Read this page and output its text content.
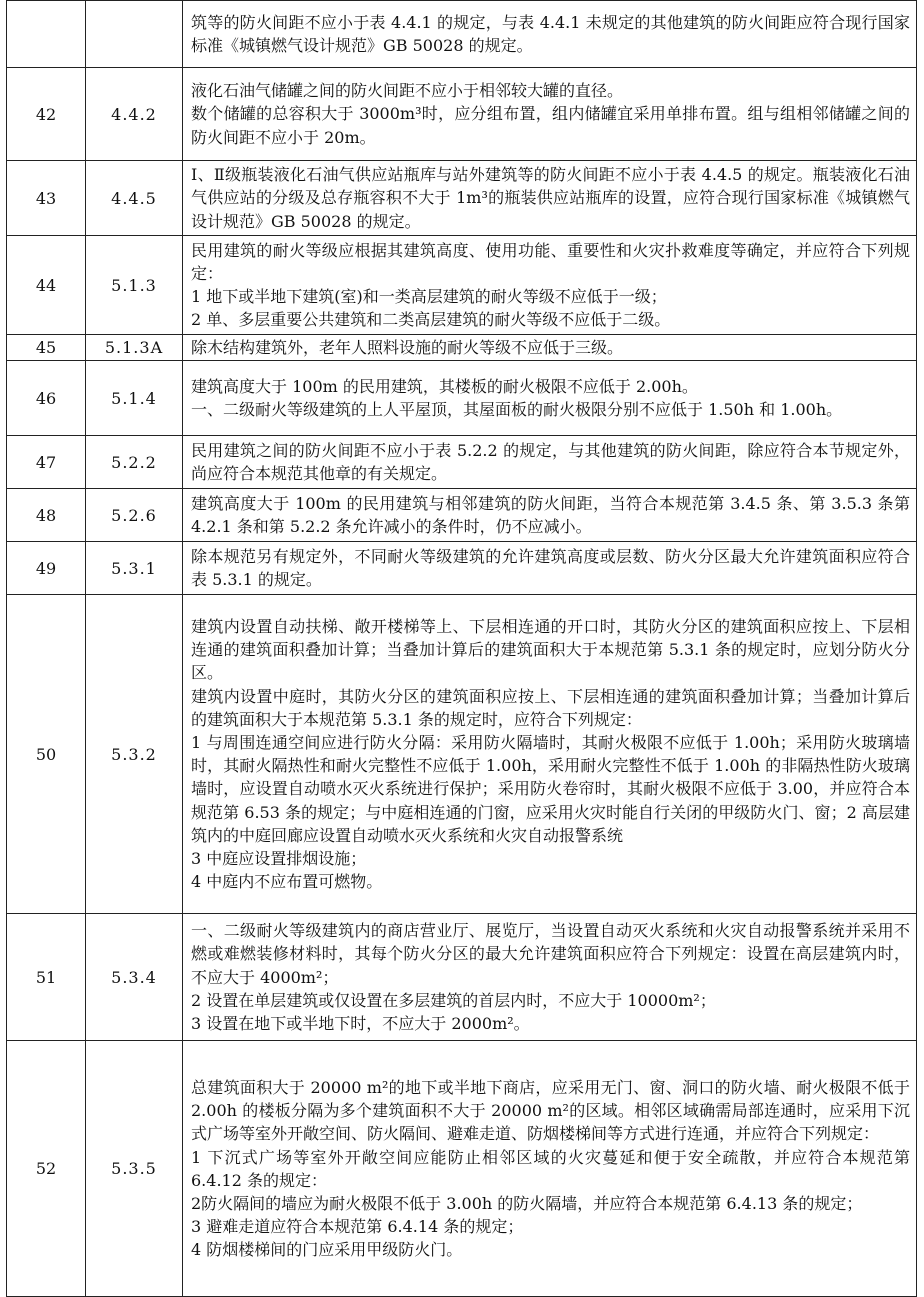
		筑等的防火间距不应小于表 4.4.1 的规定，与表 4.4.1 未规定的其他建筑的防火间距应符合现行国家标准《城镇燃气设计规范》GB 50028 的规定。

42	4.4.2	液化石油气储罐之间的防火间距不应小于相邻较大罐的直径。
数个储罐的总容积大于 3000m³时，应分组布置，组内储罐宜采用单排布置。组与组相邻储罐之间的防火间距不应小于 20m。

43	4.4.5	Ⅰ、Ⅱ级瓶装液化石油气供应站瓶库与站外建筑等的防火间距不应小于表 4.4.5 的规定。瓶装液化石油气供应站的分级及总存瓶容积不大于 1m³的瓶装供应站瓶库的设置，应符合现行国家标准《城镇燃气设计规范》GB 50028 的规定。

44	5.1.3	民用建筑的耐火等级应根据其建筑高度、使用功能、重要性和火灾扑救难度等确定，并应符合下列规定：
1 地下或半地下建筑(室)和一类高层建筑的耐火等级不应低于一级；
2 单、多层重要公共建筑和二类高层建筑的耐火等级不应低于二级。

45	5.1.3A	除木结构建筑外，老年人照料设施的耐火等级不应低于三级。

46	5.1.4	建筑高度大于 100m 的民用建筑，其楼板的耐火极限不应低于 2.00h。
一、二级耐火等级建筑的上人平屋顶，其屋面板的耐火极限分别不应低于 1.50h 和 1.00h。

47	5.2.2	民用建筑之间的防火间距不应小于表 5.2.2 的规定，与其他建筑的防火间距，除应符合本节规定外，尚应符合本规范其他章的有关规定。

48	5.2.6	建筑高度大于 100m 的民用建筑与相邻建筑的防火间距，当符合本规范第 3.4.5 条、第 3.5.3 条第 4.2.1 条和第 5.2.2 条允许减小的条件时，仍不应减小。

49	5.3.1	除本规范另有规定外，不同耐火等级建筑的允许建筑高度或层数、防火分区最大允许建筑面积应符合表 5.3.1 的规定。

50	5.3.2	建筑内设置自动扶梯、敞开楼梯等上、下层相连通的开口时，其防火分区的建筑面积应按上、下层相连通的建筑面积叠加计算；当叠加计算后的建筑面积大于本规范第 5.3.1 条的规定时，应划分防火分区。
建筑内设置中庭时，其防火分区的建筑面积应按上、下层相连通的建筑面积叠加计算；当叠加计算后的建筑面积大于本规范第 5.3.1 条的规定时，应符合下列规定：
1 与周围连通空间应进行防火分隔：采用防火隔墙时，其耐火极限不应低于 1.00h；采用防火玻璃墙时，其耐火隔热性和耐火完整性不应低于 1.00h，采用耐火完整性不低于 1.00h 的非隔热性防火玻璃墙时，应设置自动喷水灭火系统进行保护；采用防火卷帘时，其耐火极限不应低于 3.00，并应符合本规范第 6.53 条的规定；与中庭相连通的门窗，应采用火灾时能自行关闭的甲级防火门、窗；2 高层建筑内的中庭回廊应设置自动喷水灭火系统和火灾自动报警系统
3 中庭应设置排烟设施；
4 中庭内不应布置可燃物。

51	5.3.4	一、二级耐火等级建筑内的商店营业厅、展览厅，当设置自动灭火系统和火灾自动报警系统并采用不燃或难燃装修材料时，其每个防火分区的最大允许建筑面积应符合下列规定：设置在高层建筑内时，不应大于 4000m²；
2 设置在单层建筑或仅设置在多层建筑的首层内时，不应大于 10000m²；
3 设置在地下或半地下时，不应大于 2000m²。

52	5.3.5	总建筑面积大于 20000 m²的地下或半地下商店，应采用无门、窗、洞口的防火墙、耐火极限不低于 2.00h 的楼板分隔为多个建筑面积不大于 20000 m²的区域。相邻区域确需局部连通时，应采用下沉式广场等室外开敞空间、防火隔间、避难走道、防烟楼梯间等方式进行连通，并应符合下列规定：
1 下沉式广场等室外开敞空间应能防止相邻区域的火灾蔓延和便于安全疏散，并应符合本规范第 6.4.12 条的规定：
2防火隔间的墙应为耐火极限不低于 3.00h 的防火隔墙，并应符合本规范第 6.4.13 条的规定；
3 避难走道应符合本规范第 6.4.14 条的规定；
4 防烟楼梯间的门应采用甲级防火门。
